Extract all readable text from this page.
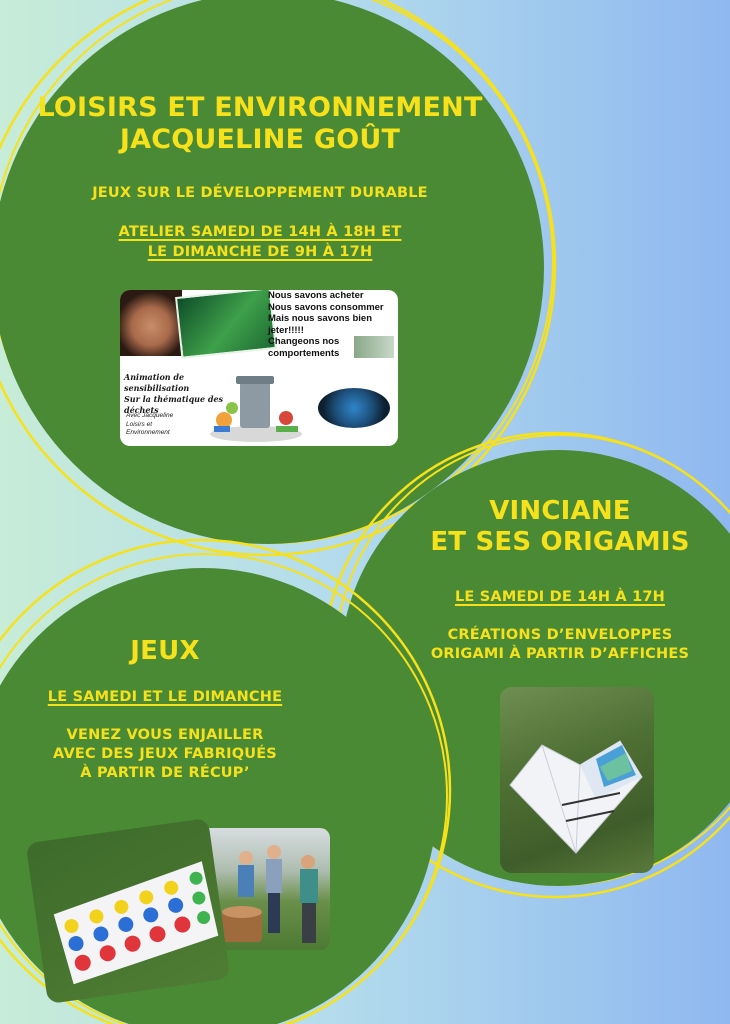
LOISIRS ET ENVIRONNEMENT
JACQUELINE GOÛT
JEUX SUR LE DÉVELOPPEMENT DURABLE
ATELIER SAMEDI DE 14H À 18H ET
LE DIMANCHE DE 9H À 17H
Nous savons acheter
Nous savons consommer
Mais nous savons bien
jeter!!!!!
Changeons nos
comportements
Animation de sensibilisation
Sur la thématique des déchets
Avec Jacqueline
Loisirs et
Environnement
VINCIANE
ET SES ORIGAMIS
LE SAMEDI DE 14H À 17H
CRÉATIONS D’ENVELOPPES
ORIGAMI À PARTIR D’AFFICHES
JEUX
LE SAMEDI ET LE DIMANCHE
VENEZ VOUS ENJAILLER
AVEC DES JEUX FABRIQUÉS
À PARTIR DE RÉCUP’
